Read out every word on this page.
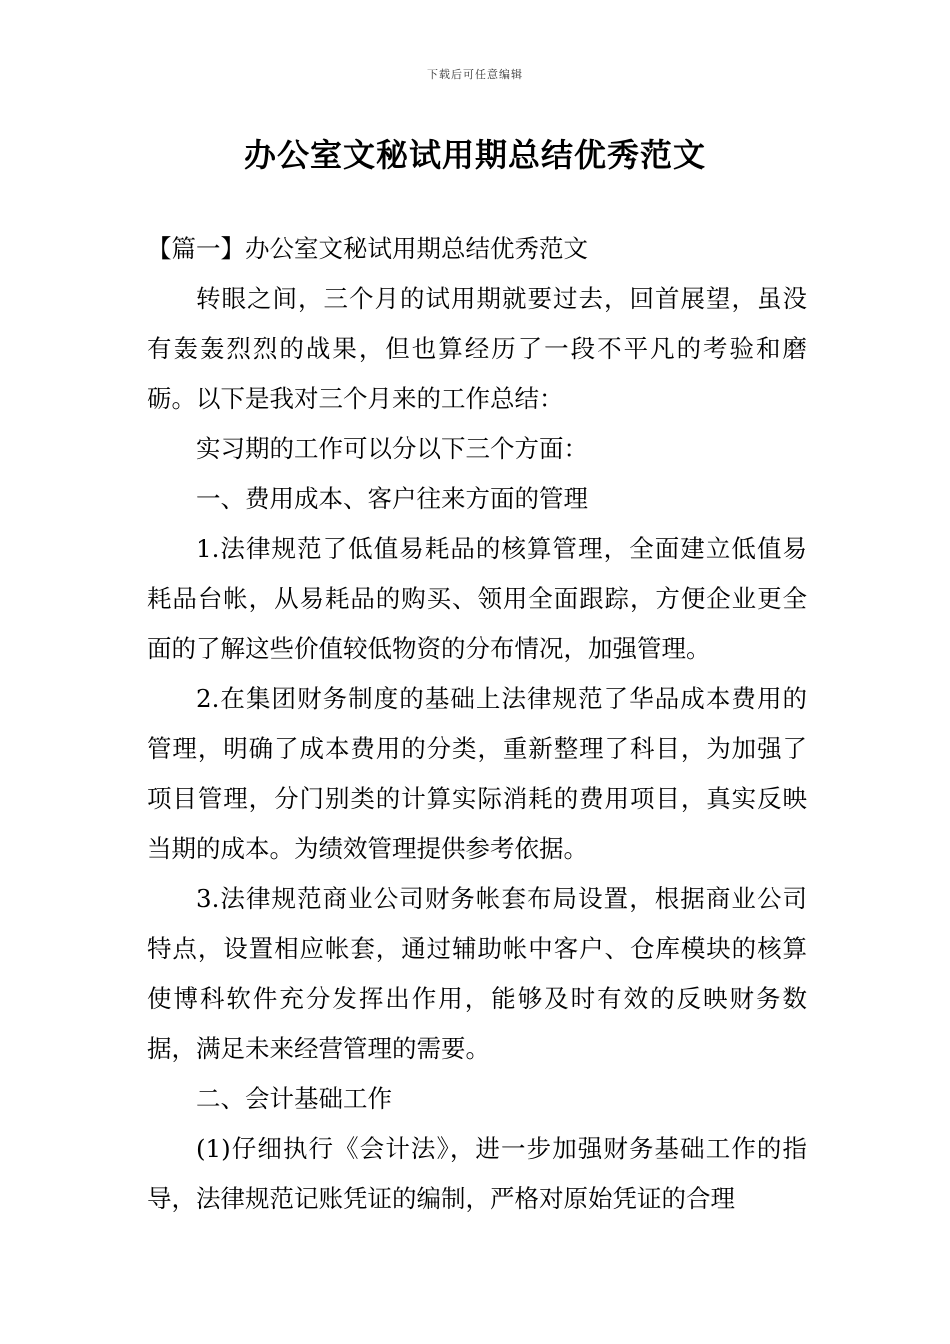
下载后可任意编辑
办公室文秘试用期总结优秀范文

【篇一】办公室文秘试用期总结优秀范文

转眼之间，三个月的试用期就要过去，回首展望，虽没有轰轰烈烈的战果，但也算经历了一段不平凡的考验和磨砺。以下是我对三个月来的工作总结：

实习期的工作可以分以下三个方面：

一、费用成本、客户往来方面的管理

1.法律规范了低值易耗品的核算管理，全面建立低值易耗品台帐，从易耗品的购买、领用全面跟踪，方便企业更全面的了解这些价值较低物资的分布情况，加强管理。

2.在集团财务制度的基础上法律规范了华品成本费用的管理，明确了成本费用的分类，重新整理了科目，为加强了项目管理，分门别类的计算实际消耗的费用项目，真实反映当期的成本。为绩效管理提供参考依据。

3.法律规范商业公司财务帐套布局设置，根据商业公司特点，设置相应帐套，通过辅助帐中客户、仓库模块的核算使博科软件充分发挥出作用，能够及时有效的反映财务数据，满足未来经营管理的需要。

二、会计基础工作

(1)仔细执行《会计法》，进一步加强财务基础工作的指导，法律规范记账凭证的编制，严格对原始凭证的合理
